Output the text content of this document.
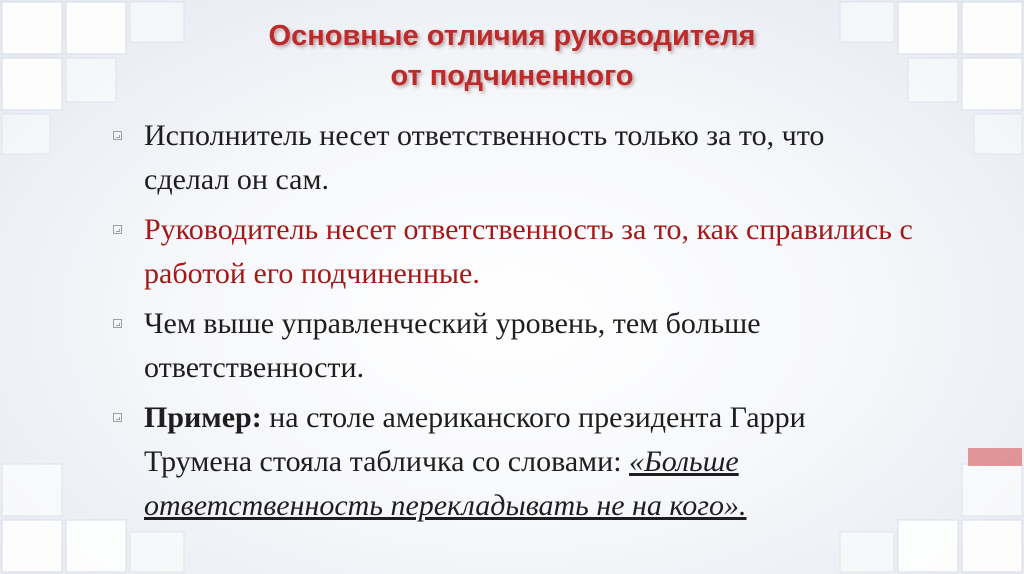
Основные отличия руководителя
от подчиненного
Исполнитель несет ответственность только за то, что сделал он сам.
Руководитель несет ответственность за то, как справились с работой его подчиненные.
Чем выше управленческий уровень, тем больше ответственности.
Пример: на столе американского президента Гарри Трумена стояла табличка со словами: «Больше ответственность перекладывать не на кого».
